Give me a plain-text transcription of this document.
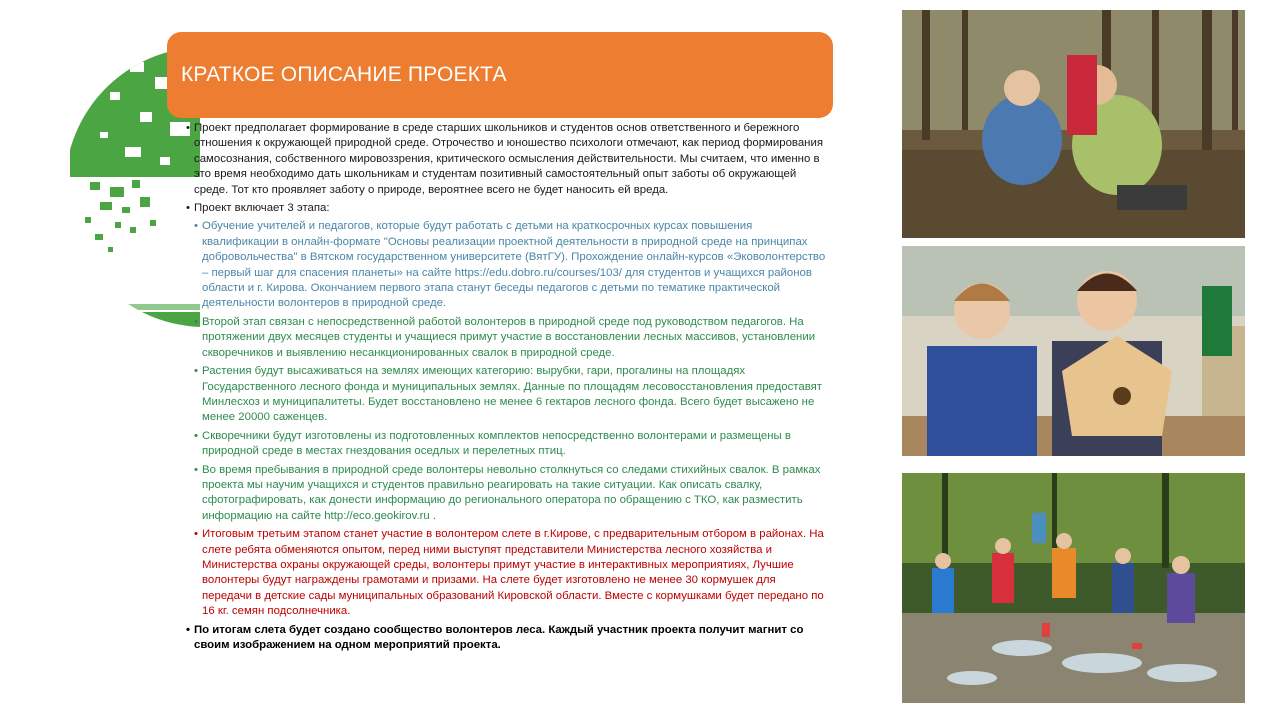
КРАТКОЕ ОПИСАНИЕ ПРОЕКТА

• Проект предполагает формирование в среде старших школьников и студентов основ ответственного и бережного отношения к окружающей природной среде. Отрочество и юношество психологи отмечают, как период формирования самосознания, собственного мировоззрения, критического осмысления действительности. Мы считаем, что именно в это время необходимо дать школьникам и студентам позитивный самостоятельный опыт заботы об окружающей среде. Тот кто проявляет заботу о природе, вероятнее всего не будет наносить ей вреда.

• Проект включает 3 этапа:

• Обучение учителей и педагогов, которые будут работать с детьми на краткосрочных курсах повышения квалификации в онлайн-формате "Основы реализации проектной деятельности в природной среде на принципах добровольчества" в Вятском государственном университете (ВятГУ). Прохождение онлайн-курсов «Эковолонтерство – первый шаг для спасения планеты» на сайте https://edu.dobro.ru/courses/103/ для студентов и учащихся районов области и г. Кирова. Окончанием первого этапа станут беседы педагогов с детьми по тематике практической деятельности волонтеров в природной среде.

• Второй этап связан с непосредственной работой волонтеров в природной среде под руководством педагогов. На протяжении двух месяцев студенты и учащиеся примут участие в восстановлении лесных массивов, установлении скворечников и выявлению несанкционированных свалок в природной среде.

• Растения будут высаживаться на землях имеющих категорию: вырубки, гари, прогалины на площадях Государственного лесного фонда и муниципальных землях. Данные по площадям лесовосстановления предоставят Минлесхоз и муниципалитеты. Будет восстановлено не менее 6 гектаров лесного фонда. Всего будет высажено не менее 20000 саженцев.

• Скворечники будут изготовлены из подготовленных комплектов непосредственно волонтерами и размещены в природной среде в местах гнездования оседлых и перелетных птиц.

• Во время пребывания в природной среде волонтеры невольно столкнуться со следами стихийных свалок. В рамках проекта мы научим учащихся и студентов правильно реагировать на такие ситуации. Как описать свалку, сфотографировать, как донести информацию до регионального оператора по обращению с ТКО, как разместить информацию на сайте http://eco.geokirov.ru .

• Итоговым третьим этапом станет участие в волонтером слете в г.Кирове, с предварительным отбором в районах. На слете ребята обменяются опытом, перед ними выступят представители Министерства лесного хозяйства и Министерства охраны окружающей среды, волонтеры примут участие в интерактивных мероприятиях, Лучшие волонтеры будут награждены грамотами и призами. На слете будет изготовлено не менее 30 кормушек для передачи в детские сады муниципальных образований Кировской области. Вместе с кормушками будет передано по 16 кг. семян подсолнечника.

• По итогам слета будет создано сообщество волонтеров леса. Каждый участник проекта получит магнит со своим изображением на одном мероприятий проекта.
